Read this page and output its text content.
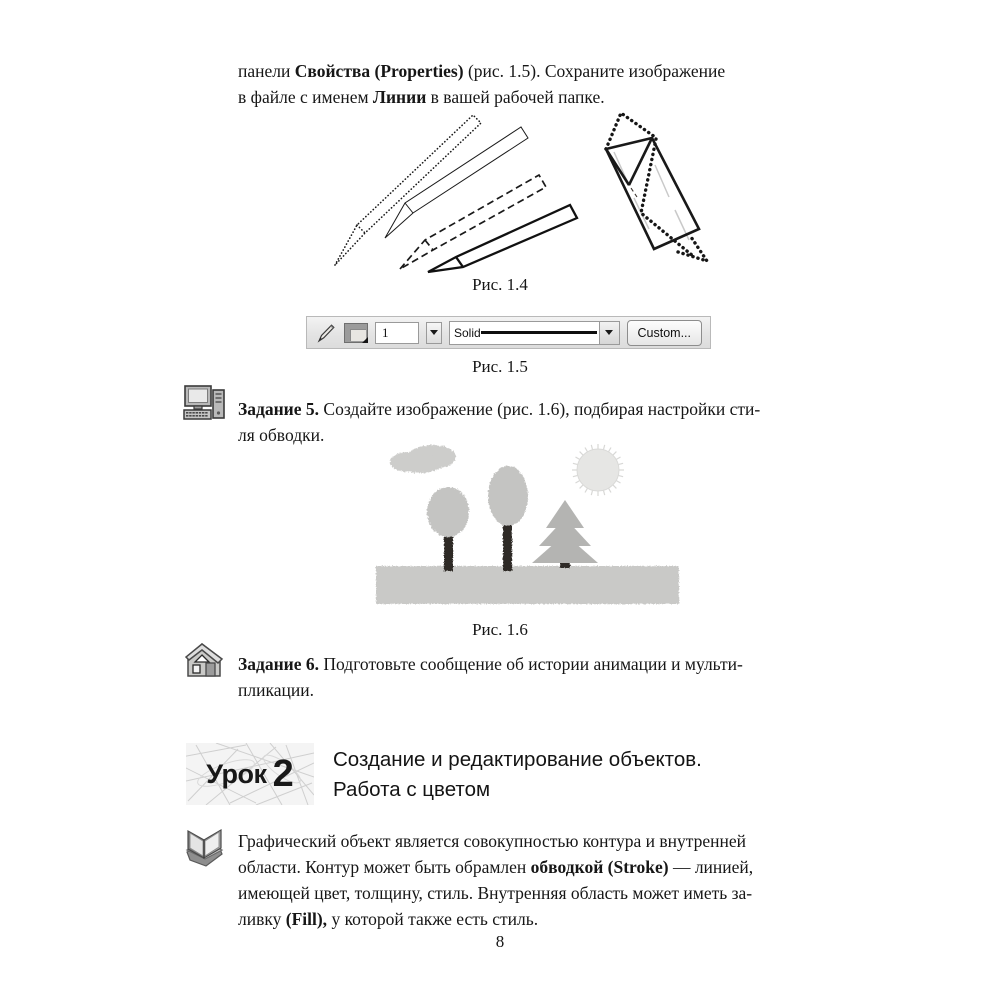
панели Свойства (Properties) (рис. 1.5). Сохраните изображение
в файле с именем Линии в вашей рабочей папке.
Рис. 1.4
1	Solid	Custom...
Рис. 1.5
Задание 5. Создайте изображение (рис. 1.6), подбирая настройки сти-
ля обводки.
Рис. 1.6
Задание 6. Подготовьте сообщение об истории анимации и мульти-
пликации.
Урок 2 Создание и редактирование объектов.
Работа с цветом
Графический объект является совокупностью контура и внутренней
области. Контур может быть обрамлен обводкой (Stroke) — линией,
имеющей цвет, толщину, стиль. Внутренняя область может иметь за-
ливку (Fill), у которой также есть стиль.
8
